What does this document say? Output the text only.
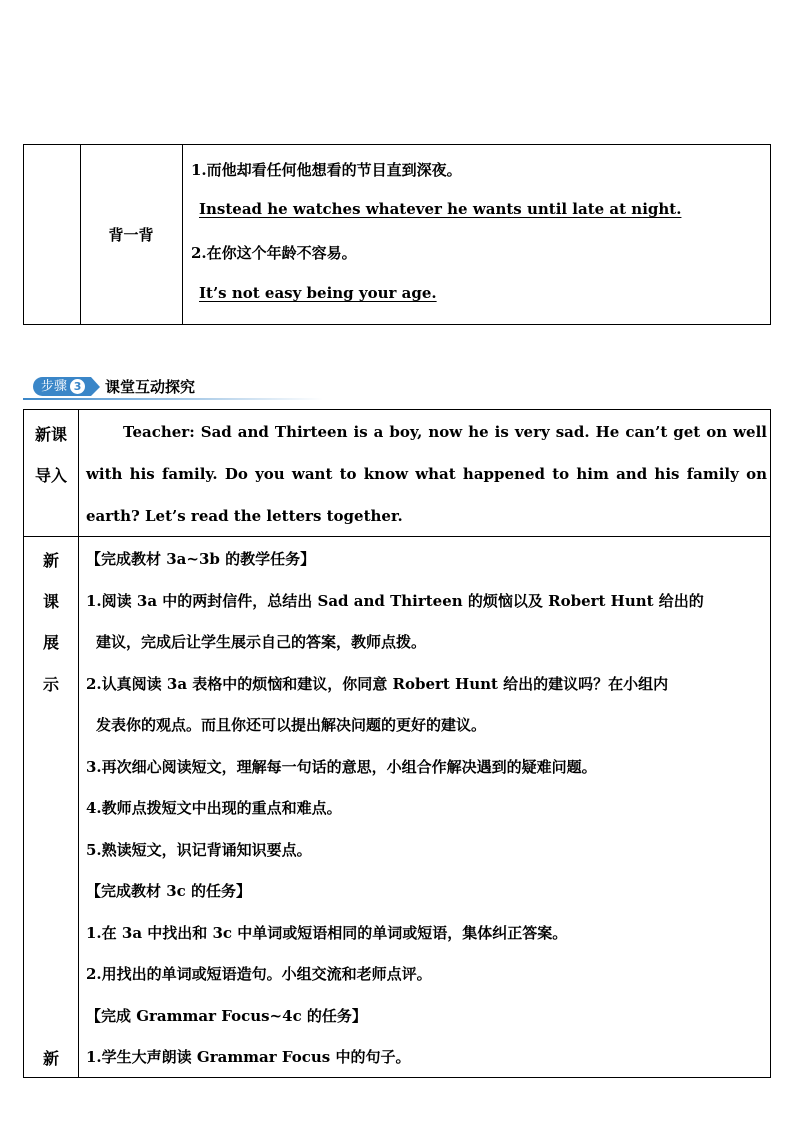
背一背
1.而他却看任何他想看的节目直到深夜。
Instead he watches whatever he wants until late at night.
2.在你这个年龄不容易。
It’s not easy being your age.
步骤 3 课堂互动探究
新课
导入
Teacher: Sad and Thirteen is a boy, now he is very sad. He can’t get on well with his family. Do you want to know what happened to him and his family on earth? Let’s read the letters together.
新
课
展
示
新
【完成教材 3a~3b 的教学任务】
1.阅读 3a 中的两封信件，总结出 Sad and Thirteen 的烦恼以及 Robert Hunt 给出的
建议，完成后让学生展示自己的答案，教师点拨。
2.认真阅读 3a 表格中的烦恼和建议，你同意 Robert Hunt 给出的建议吗？在小组内
发表你的观点。而且你还可以提出解决问题的更好的建议。
3.再次细心阅读短文，理解每一句话的意思，小组合作解决遇到的疑难问题。
4.教师点拨短文中出现的重点和难点。
5.熟读短文，识记背诵知识要点。
【完成教材 3c 的任务】
1.在 3a 中找出和 3c 中单词或短语相同的单词或短语，集体纠正答案。
2.用找出的单词或短语造句。小组交流和老师点评。
【完成 Grammar Focus~4c 的任务】
1.学生大声朗读 Grammar Focus 中的句子。
